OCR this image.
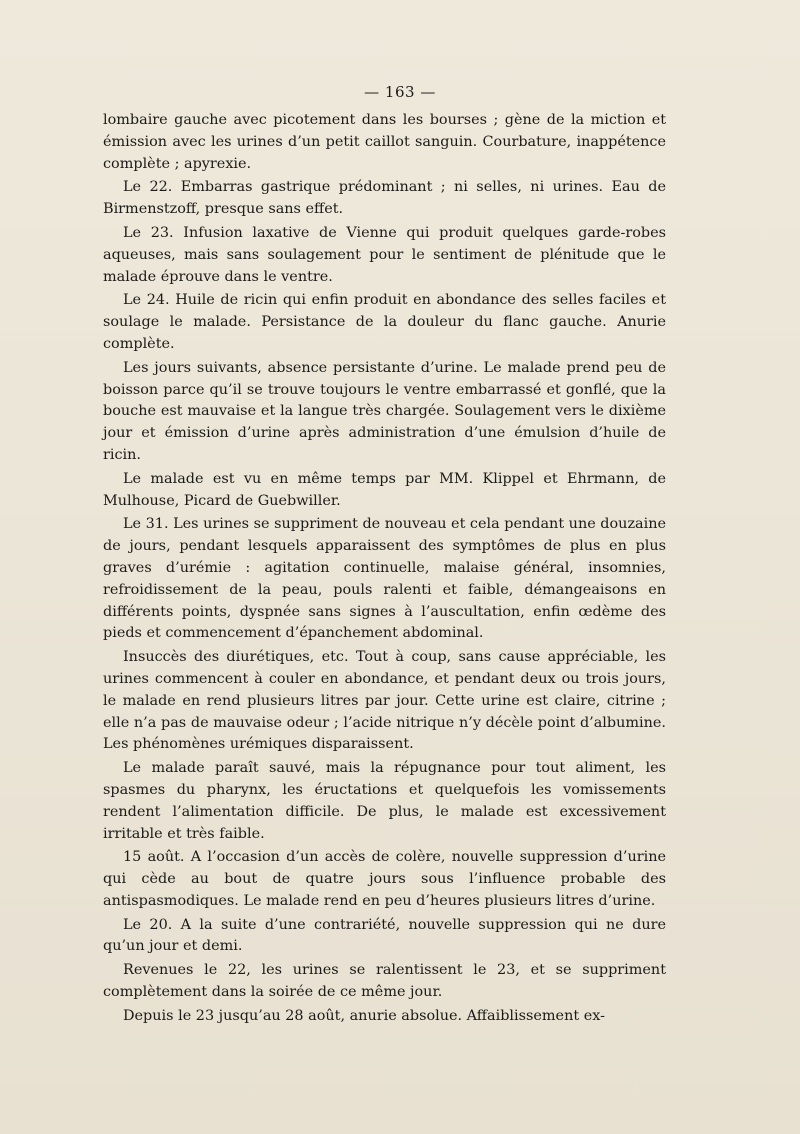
— 163 —

lombaire gauche avec picotement dans les bourses ; gène de la miction et émission avec les urines d’un petit caillot sanguin. Courbature, inappétence complète ; apyrexie.

Le 22. Embarras gastrique prédominant ; ni selles, ni urines. Eau de Birmenstzoff, presque sans effet.

Le 23. Infusion laxative de Vienne qui produit quelques garde-robes aqueuses, mais sans soulagement pour le sentiment de plénitude que le malade éprouve dans le ventre.

Le 24. Huile de ricin qui enfin produit en abondance des selles faciles et soulage le malade. Persistance de la douleur du flanc gauche. Anurie complète.

Les jours suivants, absence persistante d’urine. Le malade prend peu de boisson parce qu’il se trouve toujours le ventre embarrassé et gonflé, que la bouche est mauvaise et la langue très chargée. Soulagement vers le dixième jour et émission d’urine après administration d’une émulsion d’huile de ricin.

Le malade est vu en même temps par MM. Klippel et Ehrmann, de Mulhouse, Picard de Guebwiller.

Le 31. Les urines se suppriment de nouveau et cela pendant une douzaine de jours, pendant lesquels apparaissent des symptômes de plus en plus graves d’urémie : agitation continuelle, malaise général, insomnies, refroidissement de la peau, pouls ralenti et faible, démangeaisons en différents points, dyspnée sans signes à l’auscultation, enfin œdème des pieds et commencement d’épanchement abdominal.

Insuccès des diurétiques, etc. Tout à coup, sans cause appréciable, les urines commencent à couler en abondance, et pendant deux ou trois jours, le malade en rend plusieurs litres par jour. Cette urine est claire, citrine ; elle n’a pas de mauvaise odeur ; l’acide nitrique n’y décèle point d’albumine. Les phénomènes urémiques disparaissent.

Le malade paraît sauvé, mais la répugnance pour tout aliment, les spasmes du pharynx, les éructations et quelquefois les vomissements rendent l’alimentation difficile. De plus, le malade est excessivement irritable et très faible.

15 août. A l’occasion d’un accès de colère, nouvelle suppression d’urine qui cède au bout de quatre jours sous l’influence probable des antispasmodiques. Le malade rend en peu d’heures plusieurs litres d’urine.

Le 20. A la suite d’une contrariété, nouvelle suppression qui ne dure qu’un jour et demi.

Revenues le 22, les urines se ralentissent le 23, et se suppriment complètement dans la soirée de ce même jour.

Depuis le 23 jusqu’au 28 août, anurie absolue. Affaiblissement ex-
